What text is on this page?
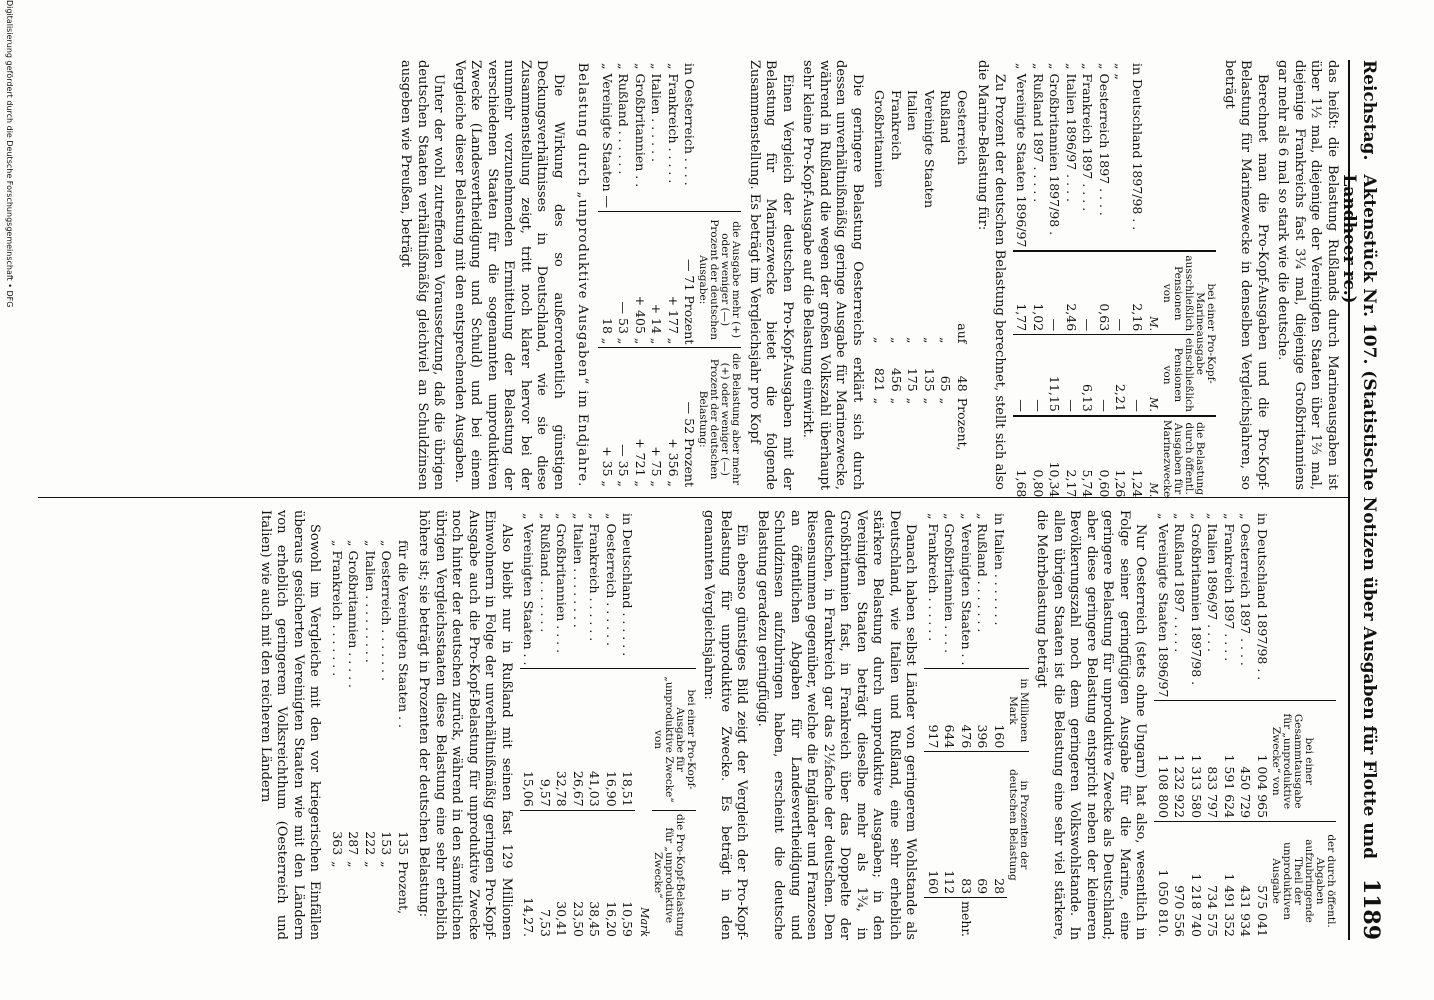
Reichstag.
Aktenstück Nr. 107. (Statistische Notizen über Ausgaben für Flotte und Landheer rc.)
1189

das heißt: die Belastung Rußlands durch Marineausgaben ist über 1½ mal, diejenige der Vereinigten Staaten über 1⅔ mal, diejenige Frankreichs fast 3¼ mal, diejenige Großbritanniens gar mehr als 6 mal so stark wie die deutsche.

Berechnet man die Pro-Kopf-Ausgaben und die Pro-Kopf-Belastung für Marinezwecke in denselben Vergleichsjahren, so beträgt

	bei einer Pro-Kopf-Marineausgabe		die Belastung durch öffentl. Ausgaben für Marinezwecke
	ausschließlich Pensionen von	einschließlich Pensionen von	
	M.	M.	M.
in Deutschland 1897/98 . .	2,16	—	1,24
„ „	—	2,21	1,26
„ Oesterreich 1897 . . . .	0,63	—	0,60
„ Frankreich 1897 . . . .	—	6,13	5,74
„ Italien 1896/97 . . . .	2,46	—	2,17
„ Großbritannien 1897/98 .	—	11,15	10,34
„ Rußland 1897 . . . . .	1,02	—	0,80
„ Vereinigte Staaten 1896/97	1,77	—	1,68

Zu Prozent der deutschen Belastung berechnet, stellt sich also die Marine-Belastung für:

Oesterreich	auf	48	Prozent,
Rußland	„	65	„
Vereinigte Staaten	„	135	„
Italien	„	175	„
Frankreich	„	456	„
Großbritannien	„	821	„

Die geringere Belastung Oesterreichs erklärt sich durch dessen unverhältnißmäßig geringe Ausgabe für Marinezwecke, während in Rußland die wegen der großen Volkszahl überhaupt sehr kleine Pro-Kopf-Ausgabe auf die Belastung einwirkt.

Einen Vergleich der deutschen Pro-Kopf-Ausgaben mit der Belastung für Marinezwecke bietet die folgende Zusammenstellung. Es beträgt im Vergleichsjahr pro Kopf

	die Ausgabe mehr (+) oder weniger (—) Prozent der deutschen Ausgabe:	die Belastung aber mehr (+) oder weniger (—) Prozent der deutschen Belastung:
in Oesterreich . . . .	— 71 Prozent	— 52 Prozent
„ Frankreich . . . . .	+ 177 „	+ 356 „
„ Italien . . . . . .	+ 14 „	+ 75 „
„ Großbritannien . .	+ 405 „	+ 721 „
„ Rußland . . . . . .	— 53 „	— 35 „
„ Vereinigte Staaten —	18 „	+ 35 „

Belastung durch „unproduktive Ausgaben“ im Endjahre.

Die Wirkung des so außerordentlich günstigen Deckungsverhältnisses in Deutschland, wie sie diese Zusammenstellung zeigt, tritt noch klarer hervor bei der nunmehr vorzunehmenden Ermittelung der Belastung der verschiedenen Staaten für die sogenannten unproduktiven Zwecke (Landesvertheidigung und Schuld) und bei einem Vergleiche dieser Belastung mit den entsprechenden Ausgaben.

Unter der wohl zutreffenden Voraussetzung, daß die übrigen deutschen Staaten verhältnißmäßig gleichviel an Schuldzinsen ausgeben wie Preußen, beträgt

	bei einer Gesammtausgabe für „unproduktive Zwecke“ von	der durch öffentl. Abgaben aufzubringende Theil der unproduktiven Ausgabe
in Deutschland 1897/98 . .	1 004 965	575 041
„ Oesterreich 1897 . . . .	450 729	431 934
„ Frankreich 1897 . . . .	1 591 624	1 491 352
„ Italien 1896/97 . . . .	833 797	734 575
„ Großbritannien 1897/98 .	1 313 580	1 218 740
„ Rußland 1897 . . . . .	1 232 922	970 556
„ Vereinigte Staaten 1896/97	1 108 800	1 050 810.

Nur Oesterreich (stets ohne Ungarn) hat also, wesentlich in Folge seiner geringfügigen Ausgabe für die Marine, eine geringere Belastung für unproduktive Zwecke als Deutschland; aber diese geringere Belastung entspricht neben der kleineren Bevölkerungszahl noch dem geringeren Volkswohlstande. In allen übrigen Staaten ist die Belastung eine sehr viel stärkere, die Mehrbelastung beträgt

	in Millionen Mark	in Prozenten der deutschen Belastung	
in Italien . . . . . . .	160	28	mehr.
„ Rußland . . . . . . .	396	69	
„ Vereinigten Staaten . .	476	83	
„ Großbritannien . . . .	644	112	
„ Frankreich . . . . . .	917	160	

Danach haben selbst Länder von geringerem Wohlstande als Deutschland, wie Italien und Rußland, eine sehr erheblich stärkere Belastung durch unproduktive Ausgaben; in den Vereinigten Staaten beträgt dieselbe mehr als 1¾, in Großbritannien fast, in Frankreich über das Doppelte der deutschen, in Frankreich gar das 2½fache der deutschen. Den Riesensummen gegenüber, welche die Engländer und Franzosen an öffentlichen Abgaben für Landesvertheidigung und Schuldzinsen aufzubringen haben, erscheint die deutsche Belastung geradezu geringfügig.

Ein ebenso günstiges Bild zeigt der Vergleich der Pro-Kopf-Belastung für unproduktive Zwecke. Es beträgt in den genannten Vergleichsjahren:

	bei einer Pro-Kopf-Ausgabe für „unproduktive Zwecke“ von	die Pro-Kopf-Belastung für „unproduktive Zwecke“
	Mark	
in Deutschland . . . . . .	18,51	10,59
„ Oesterreich . . . . . .	16,90	16,20
„ Frankreich . . . . . .	41,03	38,45
„ Italien . . . . . . . .	26,67	23,50
„ Großbritannien . . . .	32,78	30,41
„ Rußland . . . . . . .	9,57	7,53
„ Vereinigten Staaten . .	15,06	14,27.

Also bleibt nur in Rußland mit seinen fast 129 Millionen Einwohnern in Folge der unverhältnißmäßig geringen Pro-Kopf-Ausgabe auch die Pro-Kopf-Belastung für unproduktive Zwecke noch hinter der deutschen zurück, während in den sämmtlichen übrigen Vergleichsstaaten diese Belastung eine sehr erheblich höhere ist; sie beträgt in Prozenten der deutschen Belastung:

für die Vereinigten Staaten . .	135	Prozent,
„ Oesterreich . . . . . . .	153	„
„ Italien . . . . . . . . .	222	„
„ Großbritannien . . . . .	287	„
„ Frankreich . . . . . . .	363	„

Sowohl im Vergleiche mit den vor kriegerischen Einfällen überaus gesicherten Vereinigten Staaten wie mit den Ländern von erheblich geringerem Volksreichthum (Oesterreich und Italien) wie auch mit den reicheren Ländern

Digitalisierung gefördert durch die Deutsche Forschungsgemeinschaft • DFG
